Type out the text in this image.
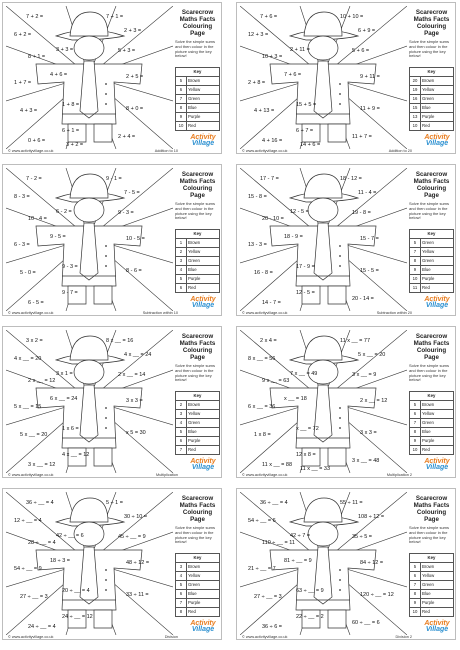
7 + 2 =	7 + 1 =
6 + 2 =
2 + 3 =
3 + 3 =
8 + 1 =
5 + 3 =
4 + 6 =
1 + 7 =
2 + 5 =
1 + 8 =
4 + 3 =	8 + 0 =
6 + 1 =
0 + 6 =
2 + 4 =
3 + 2 =
Scarecrow Maths Facts Colouring Page
Solve the simple sums and then colour in the picture using the key below!
Key	
5	Brown
6	Yellow
7	Green
8	Blue
9	Purple
10	Red
Activity
Village
© www.activityvillage.co.uk	Addition to 10
7 + 6 =	10 + 10 =
12 + 3 =
6 + 9 =
2 + 11 =
10 + 3 =
5 + 6 =
7 + 6 =
2 + 8 =
9 + 11 =
15 + 5 =
4 + 13 =	11 + 9 =
6 + 7 =
4 + 16 =
11 + 7 =
14 + 6 =
Scarecrow Maths Facts Colouring Page
Solve the simple sums and then colour in the picture using the key below!
Key	
20	Brown
19	Yellow
16	Green
15	Blue
13	Purple
10	Red
Activity
Village
© www.activityvillage.co.uk	Addition to 20
7 - 2 =	9 - 1 =
8 - 3 =
7 - 5 =
6 - 2 =
10 - 4 =
9 - 3 =
9 - 5 =
6 - 3 =
10 - 5 =
9 - 3 =
5 - 0 =	8 - 6 =
9 - 7 =
6 - 5 =
Scarecrow Maths Facts Colouring Page
Solve the simple sums and then colour in the picture using the key below!
Key	
1	Brown
2	Yellow
3	Green
4	Blue
5	Purple
6	Red
Activity
Village
© www.activityvillage.co.uk	Subtraction within 10
17 - 7 =	18 - 12 =
15 - 8 =
11 - 4 =
12 - 5 =
20 - 10 =
19 - 8 =
18 - 9 =
13 - 3 =
15 - 7 =
17 - 9 =
16 - 8 =	15 - 5 =
12 - 5 =
14 - 7 =
20 - 14 =
Scarecrow Maths Facts Colouring Page
Solve the simple sums and then colour in the picture using the key below!
Key	
5	Green
7	Yellow
8	Green
9	Blue
10	Purple
11	Red
Activity
Village
© www.activityvillage.co.uk	Subtraction within 20
3 x 2 =	8 x __ = 16
4 x __ = 20
4 x __ = 24
3 x 1 =
2 x __ = 12
2 x __ = 14
6 x __ = 24
5 x __ = 15
3 x 3 =
1 x 6 =
5 x __ = 20	x 5 = 30
4 x __ = 12
3 x __ = 12
Scarecrow Maths Facts Colouring Page
Solve the simple sums and then colour in the picture using the key below!
Key	
2	Brown
3	Yellow
4	Green
5	Blue
6	Purple
7	Red
Activity
Village
© www.activityvillage.co.uk	Multiplication
2 x 4 =	11 x __ = 77
8 x __ = 56
5 x __ = 20
7 x __ = 49
9 x __ = 63
3 x __ = 9
x __ = 18
6 x __ = 36
2 x __ = 12
x __ = 72
1 x 8 =	3 x 3 =
12 x 8 =
11 x __ = 88
3 x __ = 48
11 x __ = 33
Scarecrow Maths Facts Colouring Page
Solve the simple sums and then colour in the picture using the key below!
Key	
5	Brown
6	Yellow
7	Green
8	Blue
9	Purple
10	Red
Activity
Village
© www.activityvillage.co.uk	Multiplication 2
36 ÷ __ = 4	5 ÷ 1 =
12 ÷ __ = 4
30 ÷ 10 =
42 ÷ __ = 6
28 ÷ __ = 4
45 ÷ __ = 9
18 ÷ 3 =
54 ÷ __ = 9
48 ÷ 12 =
20 ÷ __ = 4
27 ÷ __ = 3	33 ÷ 11 =
24 ÷ __ = 12
24 ÷ __ = 4
Scarecrow Maths Facts Colouring Page
Solve the simple sums and then colour in the picture using the key below!
Key	
3	Brown
4	Yellow
5	Green
6	Blue
7	Purple
8	Red
Activity
Village
© www.activityvillage.co.uk	Division
36 ÷ __ = 4	55 ÷ 11 =
54 ÷ __ = 6
108 ÷ 12 =
42 ÷ 7 =
110 ÷ __ = 11
35 ÷ 5 =
81 ÷ __ = 9
21 ÷ __ = 7
84 ÷ 12 =
63 ÷ __ = 9
27 ÷ __ = 3	120 ÷ __ = 12
22 ÷ __ = 2
36 ÷ 6 =
60 ÷ __ = 6
Scarecrow Maths Facts Colouring Page
Solve the simple sums and then colour in the picture using the key below!
Key	
5	Brown
6	Yellow
7	Green
8	Blue
9	Purple
10	Red
Activity
Village
© www.activityvillage.co.uk	Division 2
